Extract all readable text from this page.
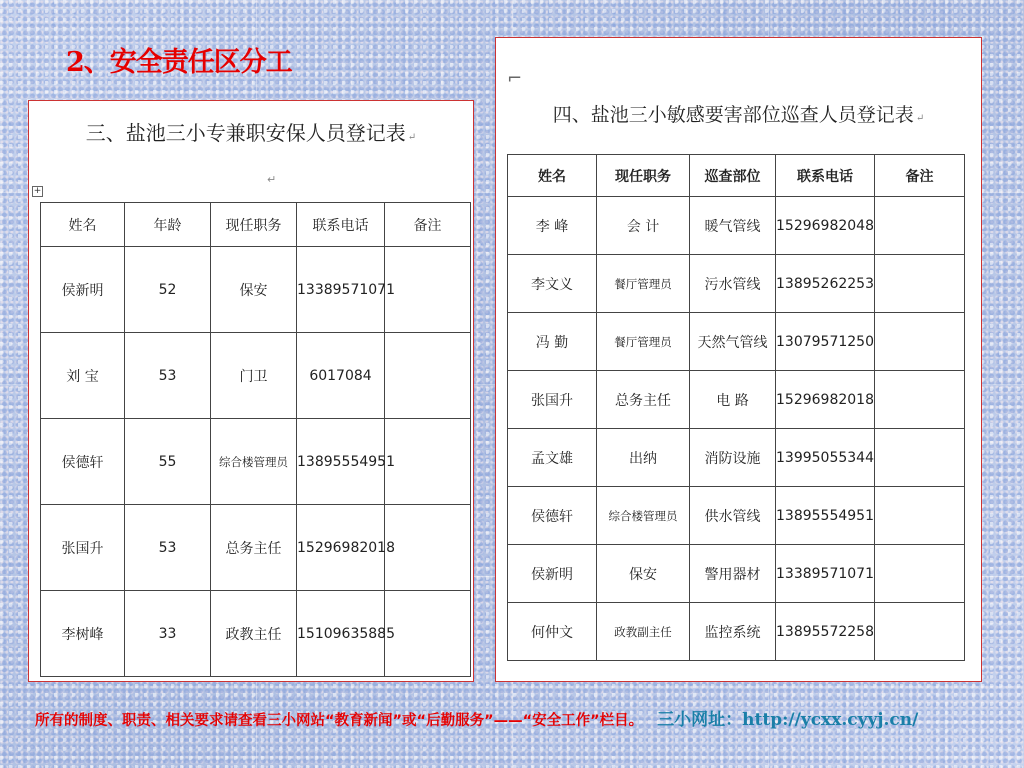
2、安全责任区分工
三、盐池三小专兼职安保人员登记表 ↵
↵
+
姓名	年龄	现任职务	联系电话	备注
侯新明	52	保安	13389571071	
刘 宝	53	门卫	6017084	
侯德轩	55	综合楼管理员	13895554951	
张国升	53	总务主任	15296982018	
李树峰	33	政教主任	15109635885	
⌐
四、盐池三小敏感要害部位巡查人员登记表 ↵
姓名	现任职务	巡查部位	联系电话	备注
李 峰	会 计	暖气管线	15296982048	
李文义	餐厅管理员	污水管线	13895262253	
冯 勤	餐厅管理员	天然气管线	13079571250	
张国升	总务主任	电 路	15296982018	
孟文雄	出纳	消防设施	13995055344	
侯德轩	综合楼管理员	供水管线	13895554951	
侯新明	保安	警用器材	13389571071	
何仲文	政教副主任	监控系统	13895572258	
所有的制度、职责、相关要求请查看三小网站“教育新闻”或“后勤服务”——“安全工作”栏目。 三小网址：http://ycxx.cyyj.cn/
